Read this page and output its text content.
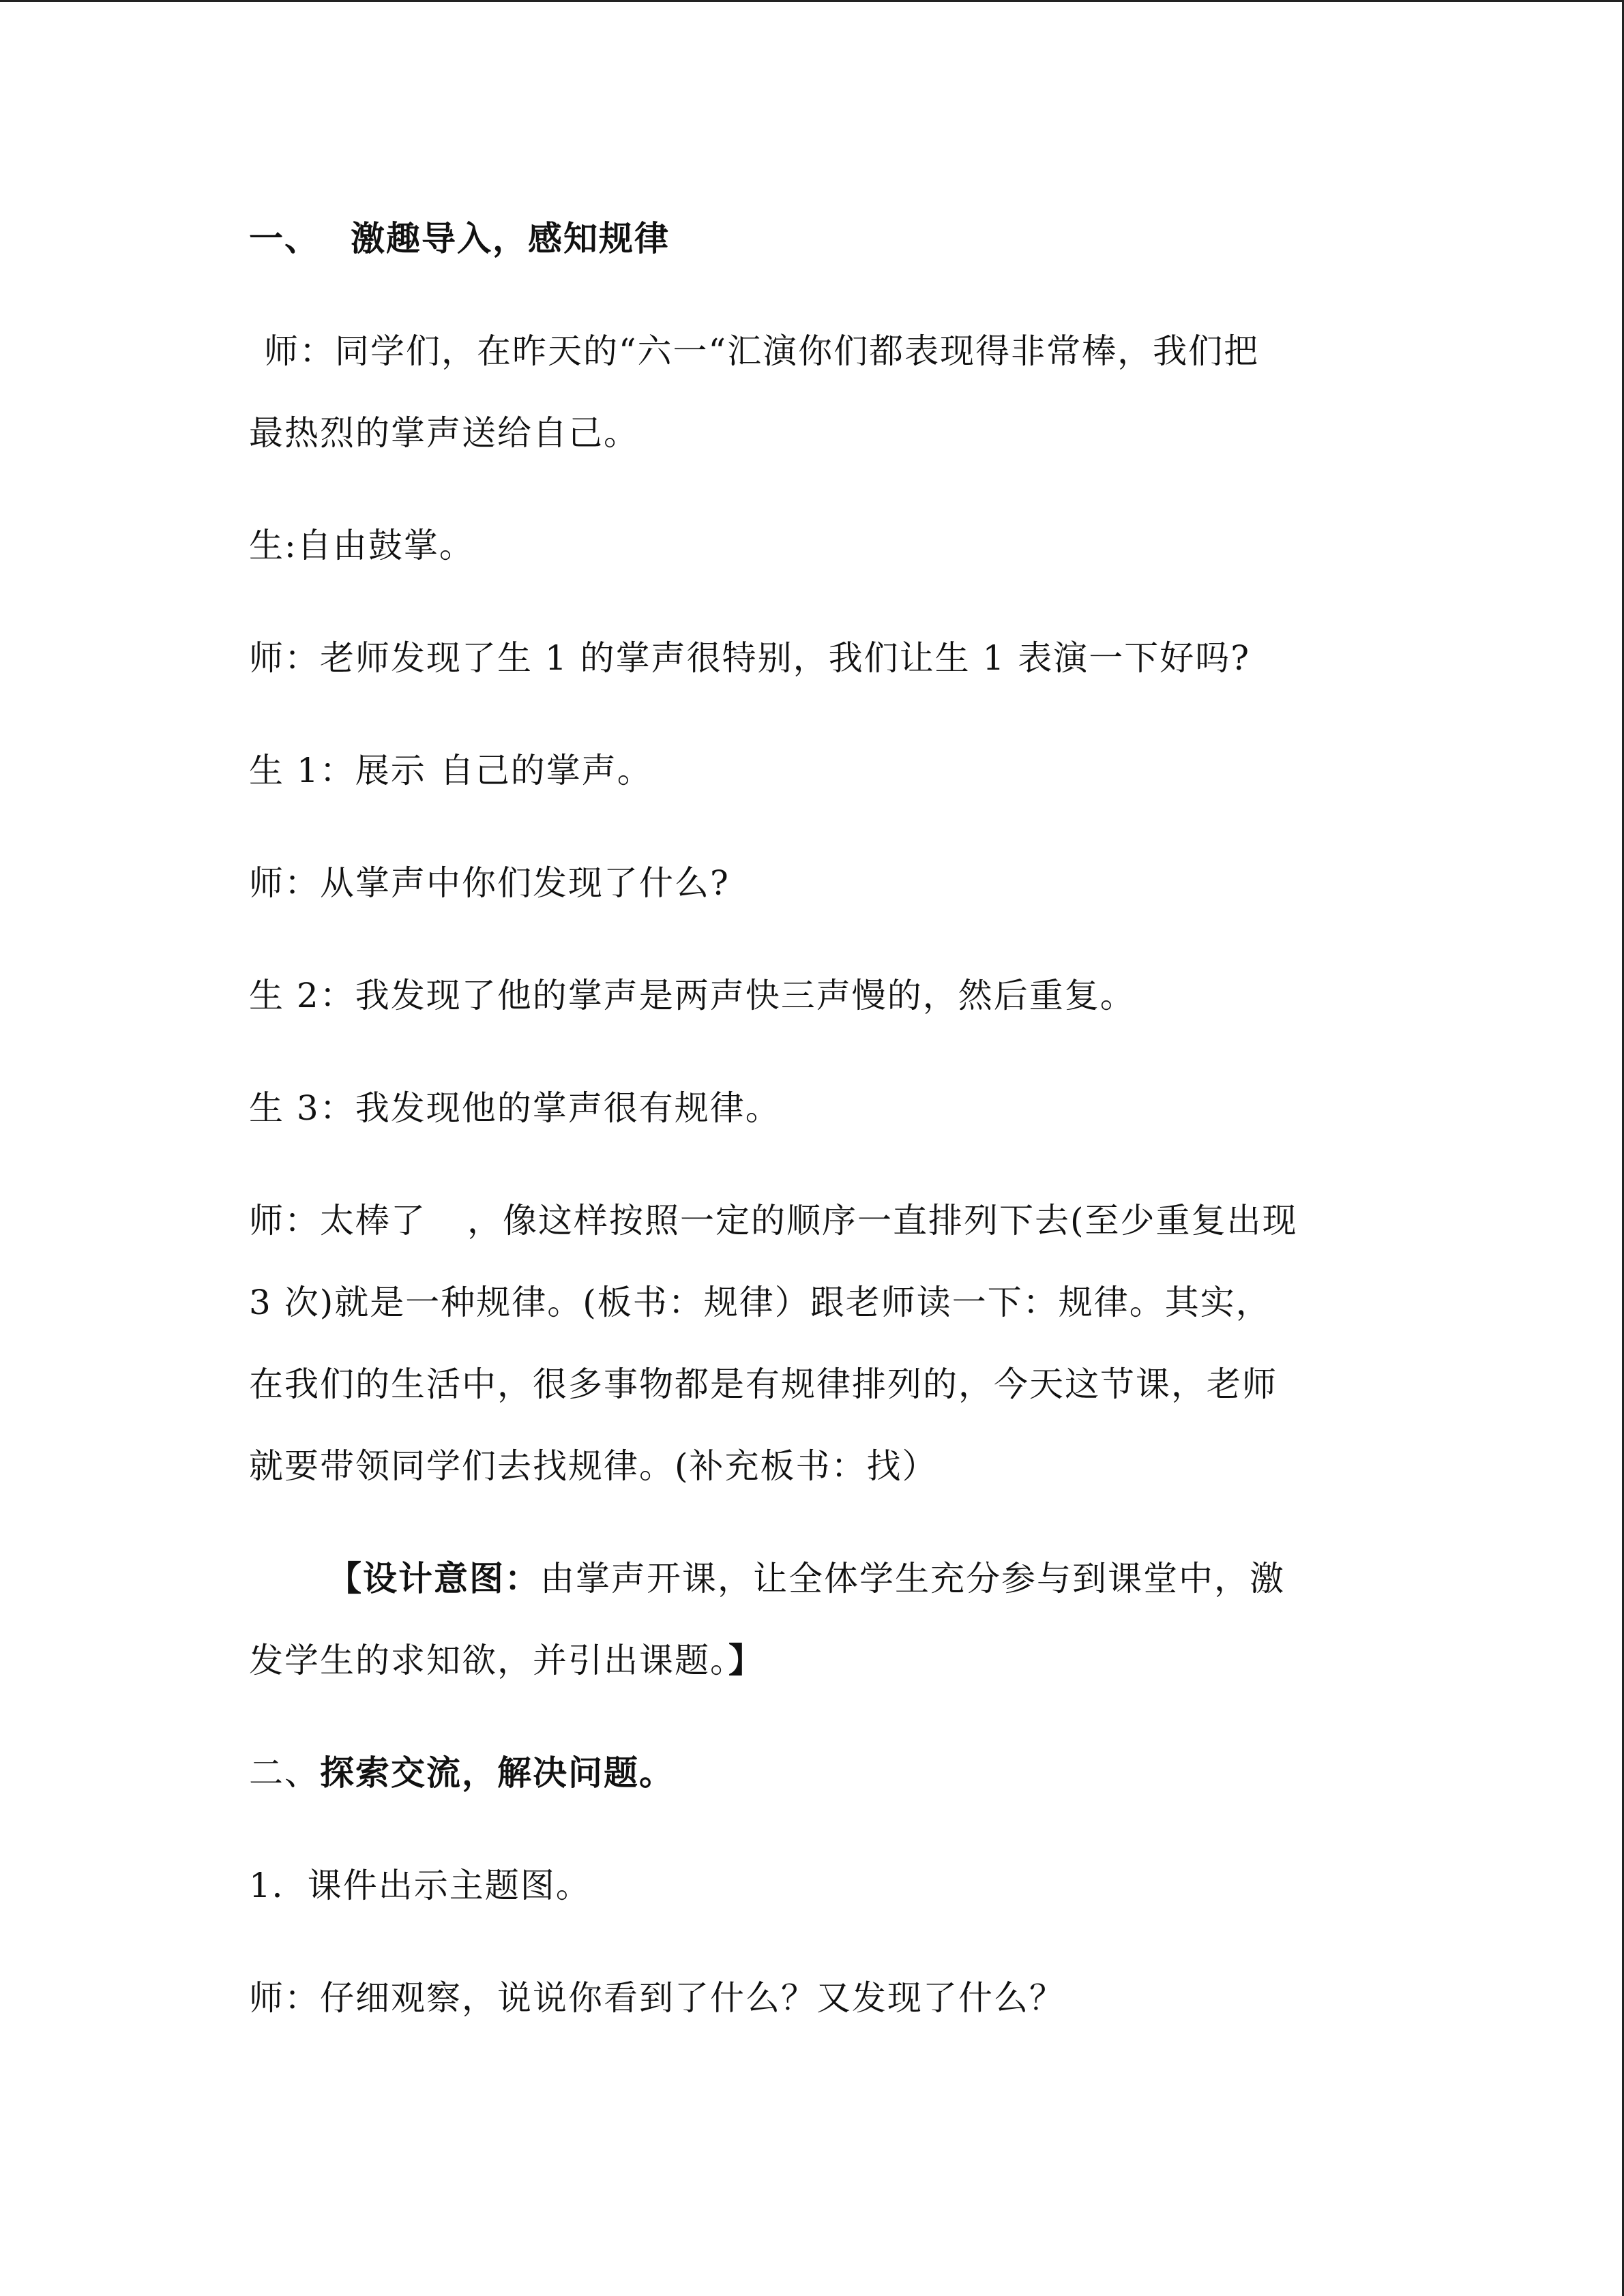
一、 激趣导入，感知规律
师：同学们，在昨天的“六一“汇演你们都表现得非常棒，我们把
最热烈的掌声送给自己。
生:自由鼓掌。
师：老师发现了生 1 的掌声很特别，我们让生 1 表演一下好吗?
生 1：展示 自己的掌声。
师：从掌声中你们发现了什么?
生 2：我发现了他的掌声是两声快三声慢的，然后重复。
生 3：我发现他的掌声很有规律。
师：太棒了 ，像这样按照一定的顺序一直排列下去(至少重复出现
3 次)就是一种规律。(板书：规律）跟老师读一下：规律。其实，
在我们的生活中，很多事物都是有规律排列的，今天这节课，老师
就要带领同学们去找规律。(补充板书：找）
【设计意图：由掌声开课，让全体学生充分参与到课堂中，激
发学生的求知欲，并引出课题。】
二、探索交流，解决问题。
1．课件出示主题图。
师：仔细观察，说说你看到了什么？又发现了什么？
